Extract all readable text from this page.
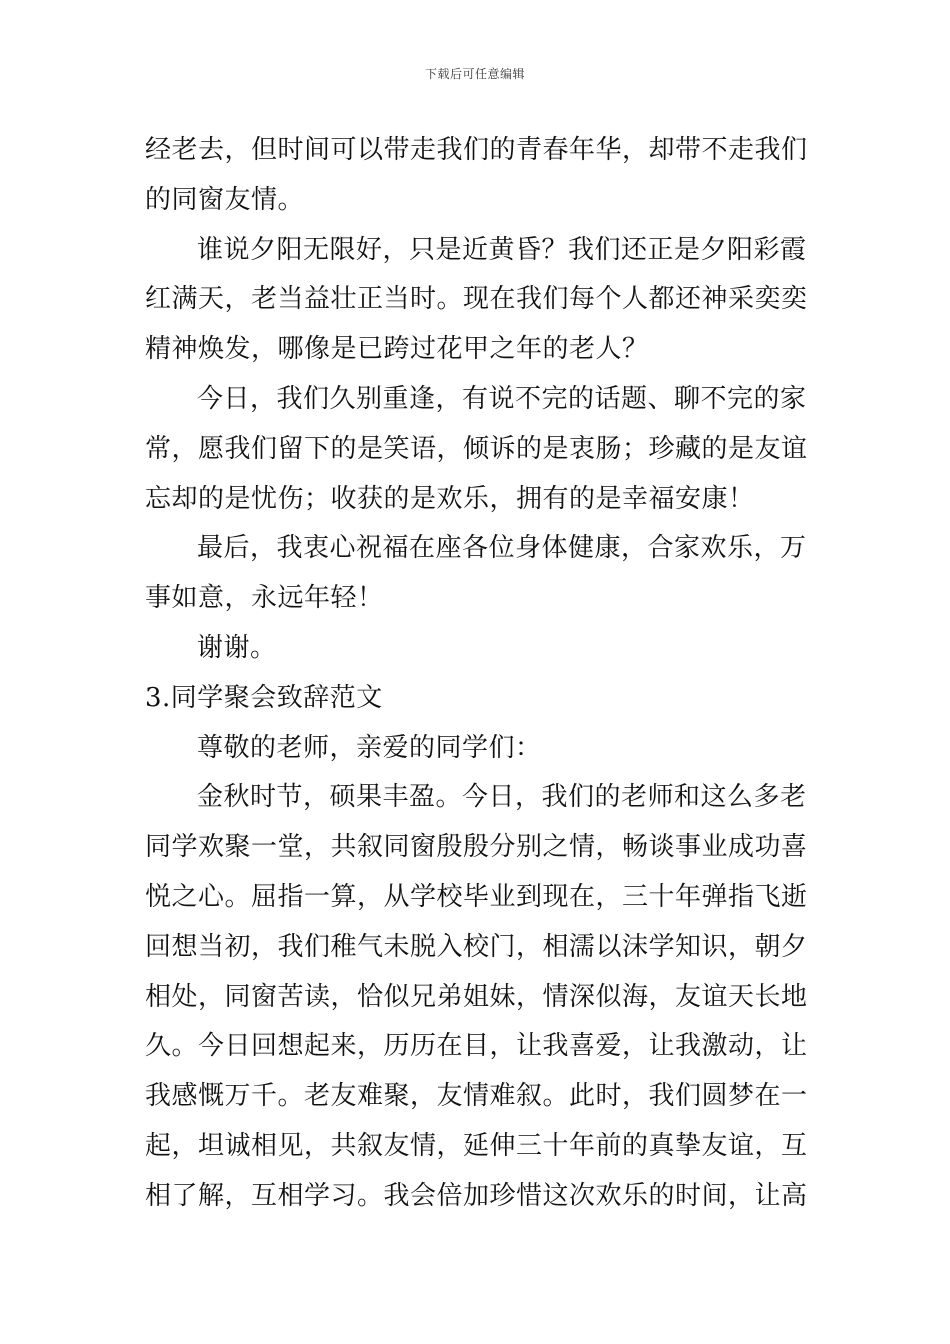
下载后可任意编辑
经老去，但时间可以带走我们的青春年华，却带不走我们
的同窗友情。
谁说夕阳无限好，只是近黄昏？我们还正是夕阳彩霞
红满天，老当益壮正当时。现在我们每个人都还神采奕奕
精神焕发，哪像是已跨过花甲之年的老人？
今日，我们久别重逢，有说不完的话题、聊不完的家
常，愿我们留下的是笑语，倾诉的是衷肠；珍藏的是友谊
忘却的是忧伤；收获的是欢乐，拥有的是幸福安康！
最后，我衷心祝福在座各位身体健康，合家欢乐，万
事如意，永远年轻！
谢谢。
3.同学聚会致辞范文
尊敬的老师，亲爱的同学们：
金秋时节，硕果丰盈。今日，我们的老师和这么多老
同学欢聚一堂，共叙同窗殷殷分别之情，畅谈事业成功喜
悦之心。屈指一算，从学校毕业到现在，三十年弹指飞逝
回想当初，我们稚气未脱入校门，相濡以沫学知识，朝夕
相处，同窗苦读，恰似兄弟姐妹，情深似海，友谊天长地
久。今日回想起来，历历在目，让我喜爱，让我激动，让
我感慨万千。老友难聚，友情难叙。此时，我们圆梦在一
起，坦诚相见，共叙友情，延伸三十年前的真挚友谊，互
相了解，互相学习。我会倍加珍惜这次欢乐的时间，让高
